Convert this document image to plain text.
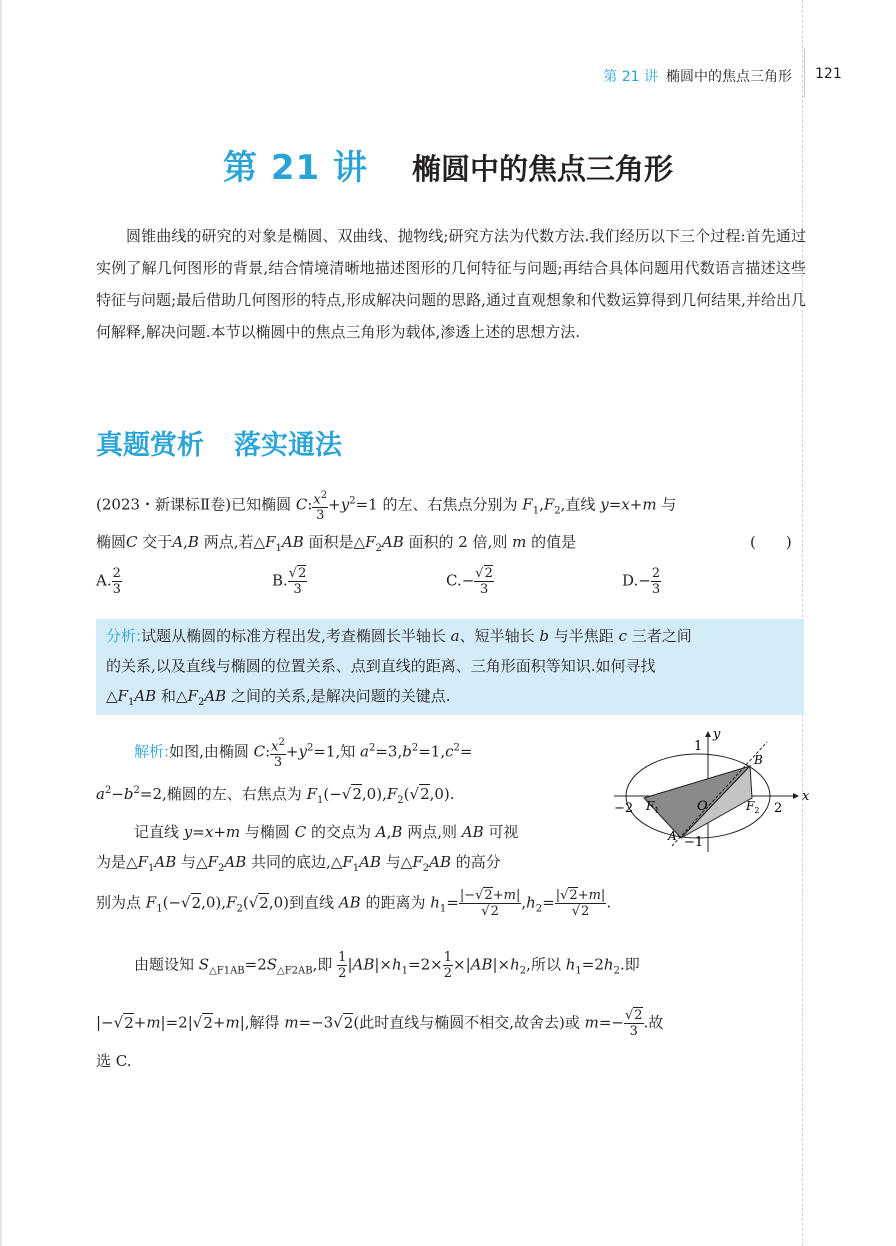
第 21 讲 椭圆中的焦点三角形 121
第 21 讲 椭圆中的焦点三角形

圆锥曲线的研究的对象是椭圆、双曲线、抛物线;研究方法为代数方法.我们经历以下三个过程:首先通过实例了解几何图形的背景,结合情境清晰地描述图形的几何特征与问题;再结合具体问题用代数语言描述这些特征与问题;最后借助几何图形的特点,形成解决问题的思路,通过直观想象和代数运算得到几何结果,并给出几何解释,解决问题.本节以椭圆中的焦点三角形为载体,渗透上述的思想方法.

真题赏析 落实通法
(2023・新课标Ⅱ卷)已知椭圆 C: $\frac{x^2}{3} +y^2=1$ 的左、右焦点分别为 $F_1,F_2$,直线 y=x+m 与
椭圆C 交于A,B 两点,若$\triangle F_1AB$ 面积是$\triangle F_2AB$ 面积的 2 倍,则 m 的值是	(　　)
A. $\frac{2}{3}$	B. $\frac{√2}{3}$	$C.- \frac{√2}{3}$	$D.- \frac{2}{3}$

分析:试题从椭圆的标准方程出发,考查椭圆长半轴长 a、短半轴长 b 与半焦距 c 三者之间

的关系,以及直线与椭圆的位置关系、点到直线的距离、三角形面积等知识.如何寻找

$\triangle F_1AB$ 和$\triangle F_2AB$ 之间的关系,是解决问题的关键点.

解析:如图,由椭圆 C: $\frac{x^2}{3} +y^2=1$,知 $a^2=3,b^2=1,c^2=$
$a^2-b^2=2$,椭圆的左、右焦点为 $F_1(-√2,0),F_2(√2,0)$.
记直线 y=x+m 与椭圆 C 的交点为 A,B 两点,则 AB 可视
为是$\triangle F_1AB$ 与$\triangle F_2AB$ 共同的底边$,\triangle F_1AB$ 与$\triangle F_2AB$ 的高分
别为点 $F_1(-√2,0),F_2(√2,0)$到直线 AB 的距离为 $h_1= \frac{|-√2+m|}{√2} ,h_2= \frac{|√2+m|}{√2}$ .
由题设知 $S_{\triangle F1AB}=2S_{\triangle F2AB}$,即 $\frac{1}{2} |AB|\times h_1=2\times \frac{1}{2} \times|AB|\times h_2$,所以 $h_1=2h_2$.即
|−√2+m|=2|√2+m|,解得 m=−3√2(此时直线与椭圆不相交,故舍去)或 $m=- \frac{√2}{3}$ .故
选 C.
O
x
y
1
−1
−2	2
B
A
$F_1$	$F_2$
